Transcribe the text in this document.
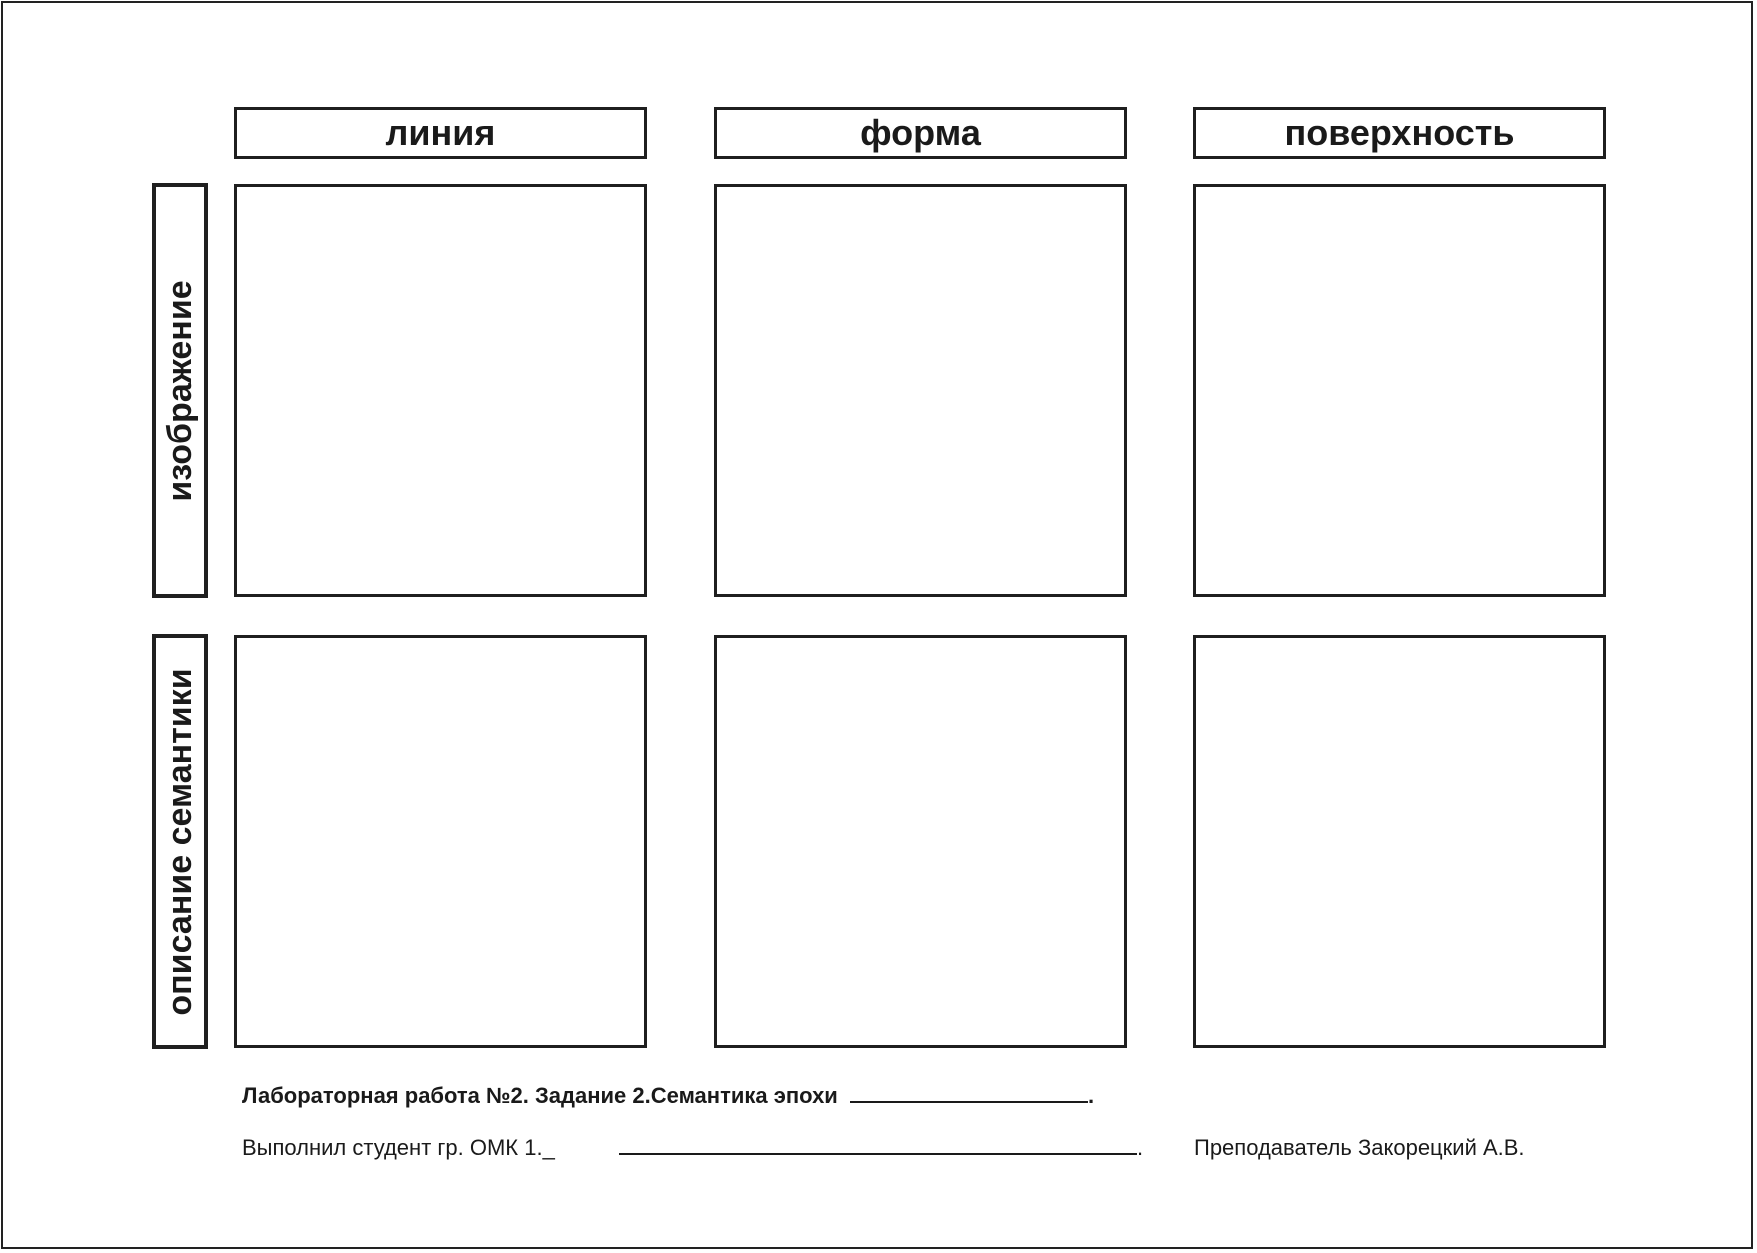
линия	форма	поверхность
изображение
описание семантики
Лабораторная работа №2. Задание 2.Семантика эпохи	.
Выполнил студент гр. ОМК 1._	. Преподаватель Закорецкий А.В.
